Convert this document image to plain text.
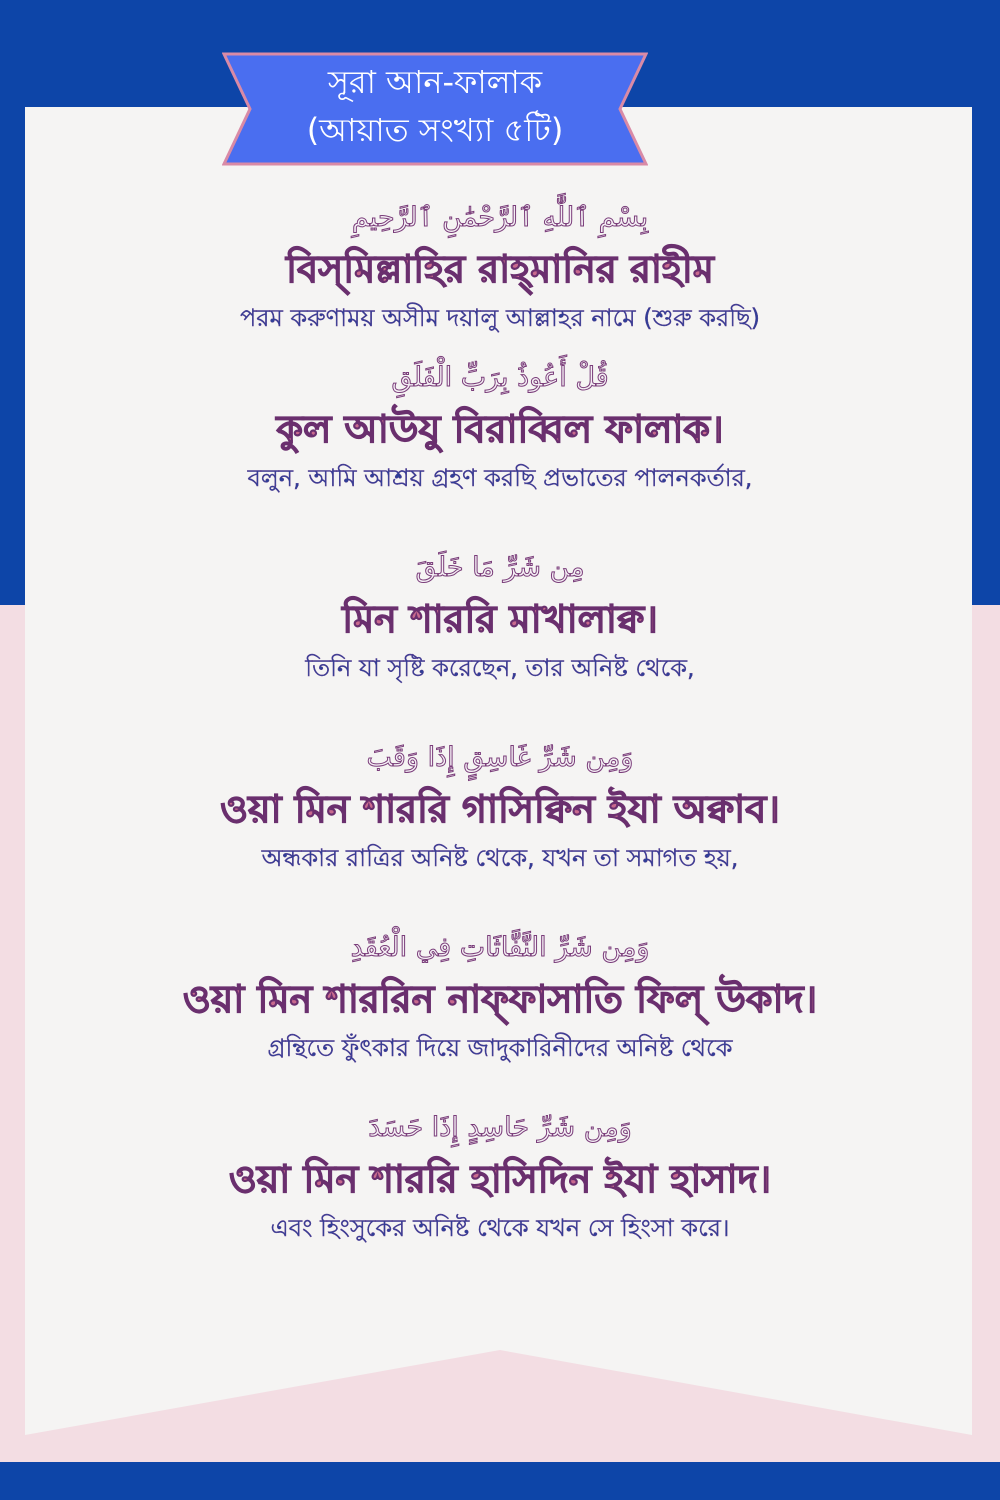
সূরা আন-ফালাক
(আয়াত সংখ্যা ৫টি)
بِسْمِ ٱللَّٰهِ ٱلرَّحْمَٰنِ ٱلرَّحِيمِ
বিস্‌মিল্লাহির রাহ্‌মানির রাহীম
পরম করুণাময় অসীম দয়ালু আল্লাহর নামে (শুরু করছি)
قُلْ أَعُوذُ بِرَبِّ الْفَلَقِ
কুল আউযু বিরাব্বিল ফালাক।
বলুন, আমি আশ্রয় গ্রহণ করছি প্রভাতের পালনকর্তার,
مِن شَرِّ مَا خَلَقَ
মিন শাররি মাখালাক্ব।
তিনি যা সৃষ্টি করেছেন, তার অনিষ্ট থেকে,
وَمِن شَرِّ غَاسِقٍ إِذَا وَقَبَ
ওয়া মিন শাররি গাসিক্বিন ইযা অক্বাব।
অন্ধকার রাত্রির অনিষ্ট থেকে, যখন তা সমাগত হয়,
وَمِن شَرِّ النَّفَّاثَاتِ فِي الْعُقَدِ
ওয়া মিন শাররিন নাফ্‌ফাসাতি ফিল্‌ উকাদ।
গ্রন্থিতে ফুঁৎকার দিয়ে জাদুকারিনীদের অনিষ্ট থেকে
وَمِن شَرِّ حَاسِدٍ إِذَا حَسَدَ
ওয়া মিন শাররি হাসিদিন ইযা হাসাদ।
এবং হিংসুকের অনিষ্ট থেকে যখন সে হিংসা করে।
